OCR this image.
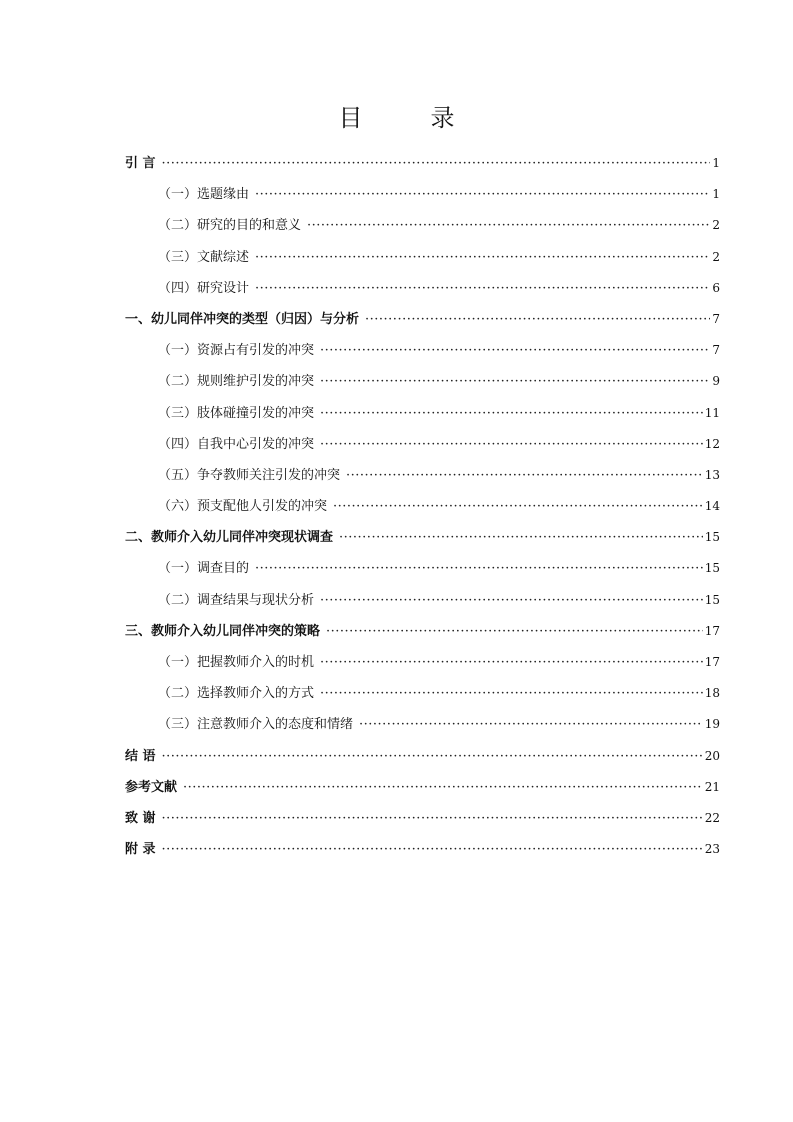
目　录
引 言 ·····	1
（一）选题缘由 ·····	1
（二）研究的目的和意义 ·····	2
（三）文献综述 ·····	2
（四）研究设计 ·····	6
一、幼儿同伴冲突的类型（归因）与分析 ·····	7
（一）资源占有引发的冲突 ·····	7
（二）规则维护引发的冲突 ·····	9
（三）肢体碰撞引发的冲突 ·····	11
（四）自我中心引发的冲突 ·····	12
（五）争夺教师关注引发的冲突 ·····	13
（六）预支配他人引发的冲突 ·····	14
二、教师介入幼儿同伴冲突现状调查 ·····	15
（一）调查目的 ·····	15
（二）调查结果与现状分析 ·····	15
三、教师介入幼儿同伴冲突的策略 ·····	17
（一）把握教师介入的时机 ·····	17
（二）选择教师介入的方式 ·····	18
（三）注意教师介入的态度和情绪 ·····	19
结 语 ·····	20
参考文献 ·····	21
致 谢 ·····	22
附 录 ·····	23
